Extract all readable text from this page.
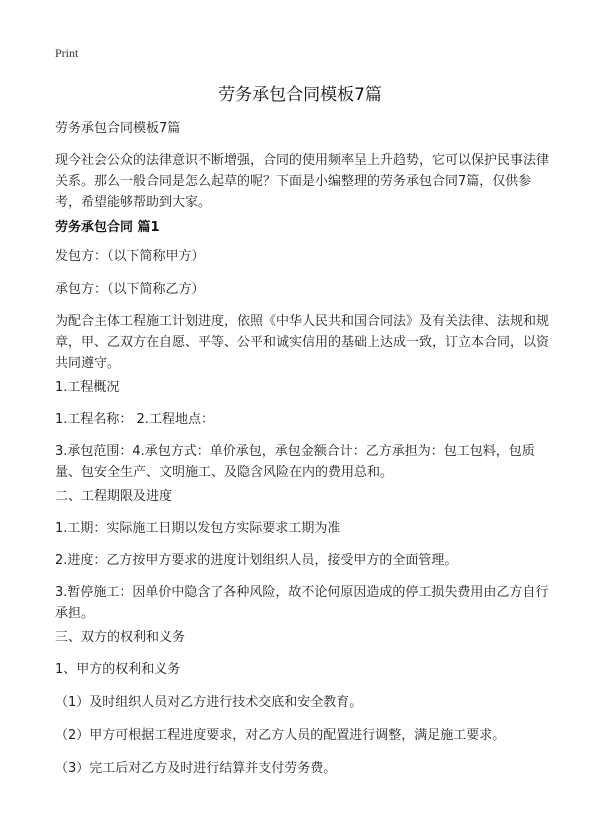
Print
劳务承包合同模板7篇

劳务承包合同模板7篇

现今社会公众的法律意识不断增强，合同的使用频率呈上升趋势，它可以保护民事法律关系。那么一般合同是怎么起草的呢？下面是小编整理的劳务承包合同7篇，仅供参考，希望能够帮助到大家。

劳务承包合同 篇1

发包方：（以下简称甲方）

承包方：（以下简称乙方）

为配合主体工程施工计划进度，依照《中华人民共和国合同法》及有关法律、法规和规章，甲、乙双方在自愿、平等、公平和诚实信用的基础上达成一致，订立本合同，以资共同遵守。

1.工程概况

1.工程名称： 2.工程地点：

3.承包范围：4.承包方式：单价承包，承包金额合计：乙方承担为：包工包料，包质量、包安全生产、文明施工、及隐含风险在内的费用总和。

二、工程期限及进度

1.工期：实际施工日期以发包方实际要求工期为准

2.进度：乙方按甲方要求的进度计划组织人员，接受甲方的全面管理。

3.暂停施工：因单价中隐含了各种风险，故不论何原因造成的停工损失费用由乙方自行承担。

三、双方的权利和义务

1、甲方的权利和义务

（1）及时组织人员对乙方进行技术交底和安全教育。

（2）甲方可根据工程进度要求，对乙方人员的配置进行调整，满足施工要求。

（3）完工后对乙方及时进行结算并支付劳务费。
